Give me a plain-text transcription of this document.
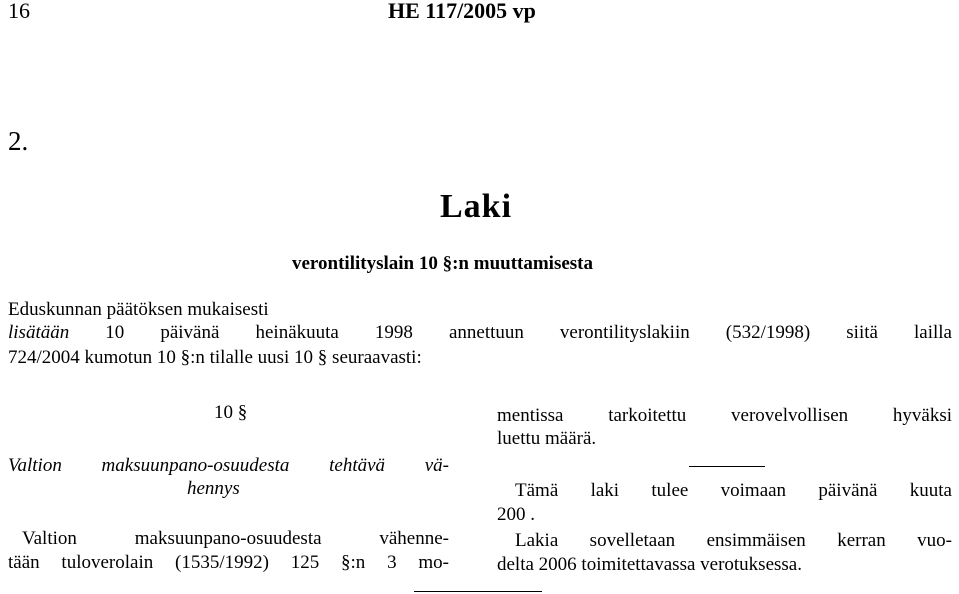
16	HE 117/2005 vp
2.
Laki
verontilityslain 10 §:n muuttamisesta
Eduskunnan päätöksen mukaisesti
lisätään 10 päivänä heinäkuuta 1998 annettuun verontilityslakiin (532/1998) siitä lailla
724/2004 kumotun 10 §:n tilalle uusi 10 § seuraavasti:
10 §
Valtion maksuunpano-osuudesta tehtävä vä-
hennys
Valtion maksuunpano-osuudesta vähenne-
tään tuloverolain (1535/1992) 125 §:n 3 mo-
mentissa tarkoitettu verovelvollisen hyväksi
luettu määrä.
Tämä laki tulee voimaan päivänä kuuta
200 .
Lakia sovelletaan ensimmäisen kerran vuo-
delta 2006 toimitettavassa verotuksessa.
